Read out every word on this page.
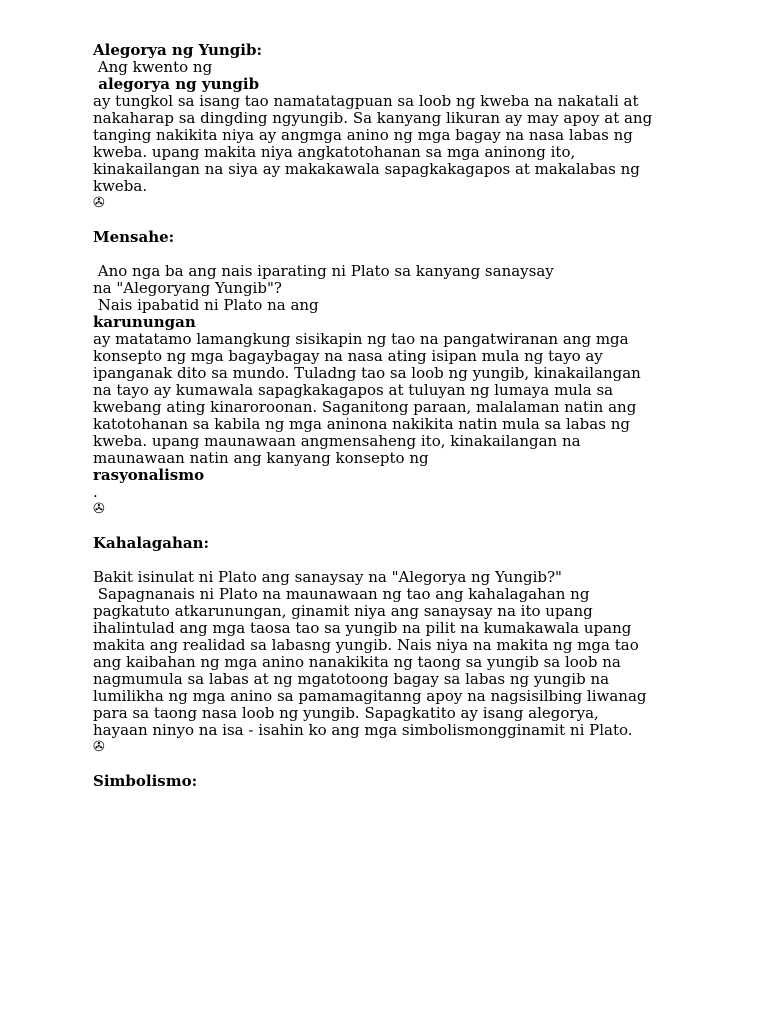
Alegorya ng Yungib:
Ang kwento ng
alegorya ng yungib
ay tungkol sa isang tao namatatagpuan sa loob ng kweba na nakatali at
nakaharap sa dingding ngyungib. Sa kanyang likuran ay may apoy at ang
tanging nakikita niya ay angmga anino ng mga bagay na nasa labas ng
kweba. upang makita niya angkatotohanan sa mga aninong ito,
kinakailangan na siya ay makakawala sapagkakagapos at makalabas ng
kweba.
✇
Mensahe:
Ano nga ba ang nais iparating ni Plato sa kanyang sanaysay
na "Alegoryang Yungib"?
Nais ipabatid ni Plato na ang
karunungan
ay matatamo lamangkung sisikapin ng tao na pangatwiranan ang mga
konsepto ng mga bagaybagay na nasa ating isipan mula ng tayo ay
ipanganak dito sa mundo. Tuladng tao sa loob ng yungib, kinakailangan
na tayo ay kumawala sapagkakagapos at tuluyan ng lumaya mula sa
kwebang ating kinaroroonan. Saganitong paraan, malalaman natin ang
katotohanan sa kabila ng mga aninona nakikita natin mula sa labas ng
kweba. upang maunawaan angmensaheng ito, kinakailangan na
maunawaan natin ang kanyang konsepto ng
rasyonalismo
.
✇
Kahalagahan:
Bakit isinulat ni Plato ang sanaysay na "Alegorya ng Yungib?"
Sapagnanais ni Plato na maunawaan ng tao ang kahalagahan ng
pagkatuto atkarunungan, ginamit niya ang sanaysay na ito upang
ihalintulad ang mga taosa tao sa yungib na pilit na kumakawala upang
makita ang realidad sa labasng yungib. Nais niya na makita ng mga tao
ang kaibahan ng mga anino nanakikita ng taong sa yungib sa loob na
nagmumula sa labas at ng mgatotoong bagay sa labas ng yungib na
lumilikha ng mga anino sa pamamagitanng apoy na nagsisilbing liwanag
para sa taong nasa loob ng yungib. Sapagkatito ay isang alegorya,
hayaan ninyo na isa - isahin ko ang mga simbolismongginamit ni Plato.
✇
Simbolismo:
